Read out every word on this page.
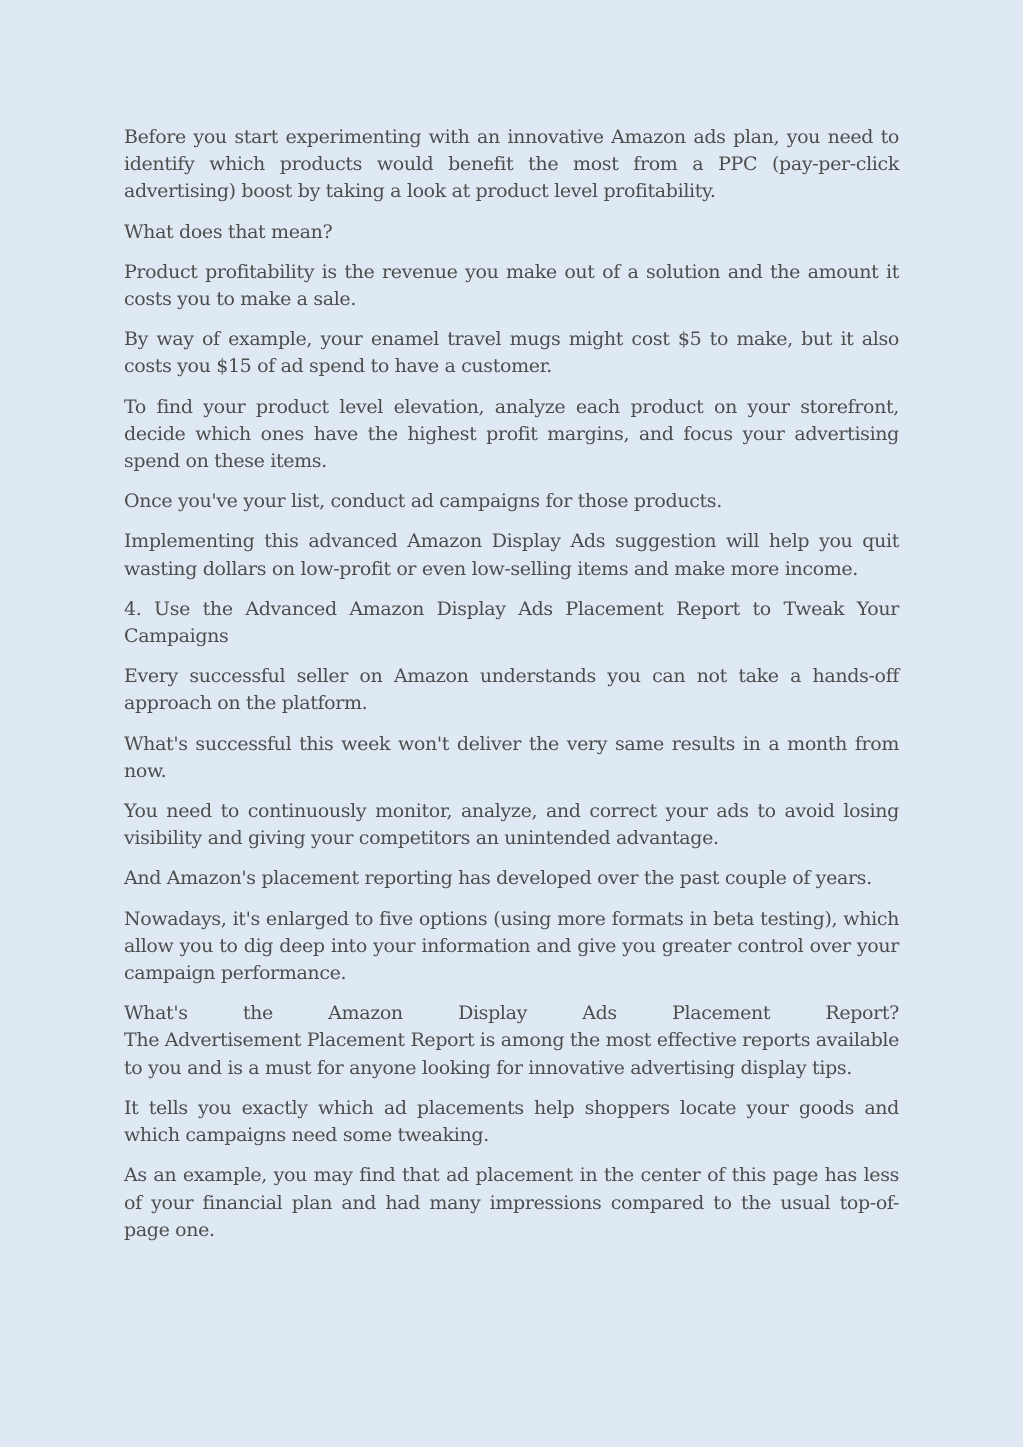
Before you start experimenting with an innovative Amazon ads plan, you need to identify which products would benefit the most from a PPC (pay-per-click advertising) boost by taking a look at product level profitability.

What does that mean?

Product profitability is the revenue you make out of a solution and the amount it costs you to make a sale.

By way of example, your enamel travel mugs might cost $5 to make, but it also costs you $15 of ad spend to have a customer.

To find your product level elevation, analyze each product on your storefront, decide which ones have the highest profit margins, and focus your advertising spend on these items.

Once you've your list, conduct ad campaigns for those products.

Implementing this advanced Amazon Display Ads suggestion will help you quit wasting dollars on low-profit or even low-selling items and make more income.

4. Use the Advanced Amazon Display Ads Placement Report to Tweak Your Campaigns

Every successful seller on Amazon understands you can not take a hands-off approach on the platform.

What's successful this week won't deliver the very same results in a month from now.

You need to continuously monitor, analyze, and correct your ads to avoid losing visibility and giving your competitors an unintended advantage.

And Amazon's placement reporting has developed over the past couple of years.

Nowadays, it's enlarged to five options (using more formats in beta testing), which allow you to dig deep into your information and give you greater control over your campaign performance.

What's the Amazon Display Ads Placement Report?
The Advertisement Placement Report is among the most effective reports available to you and is a must for anyone looking for innovative advertising display tips.

It tells you exactly which ad placements help shoppers locate your goods and which campaigns need some tweaking.

As an example, you may find that ad placement in the center of this page has less of your financial plan and had many impressions compared to the usual top-of-page one.
